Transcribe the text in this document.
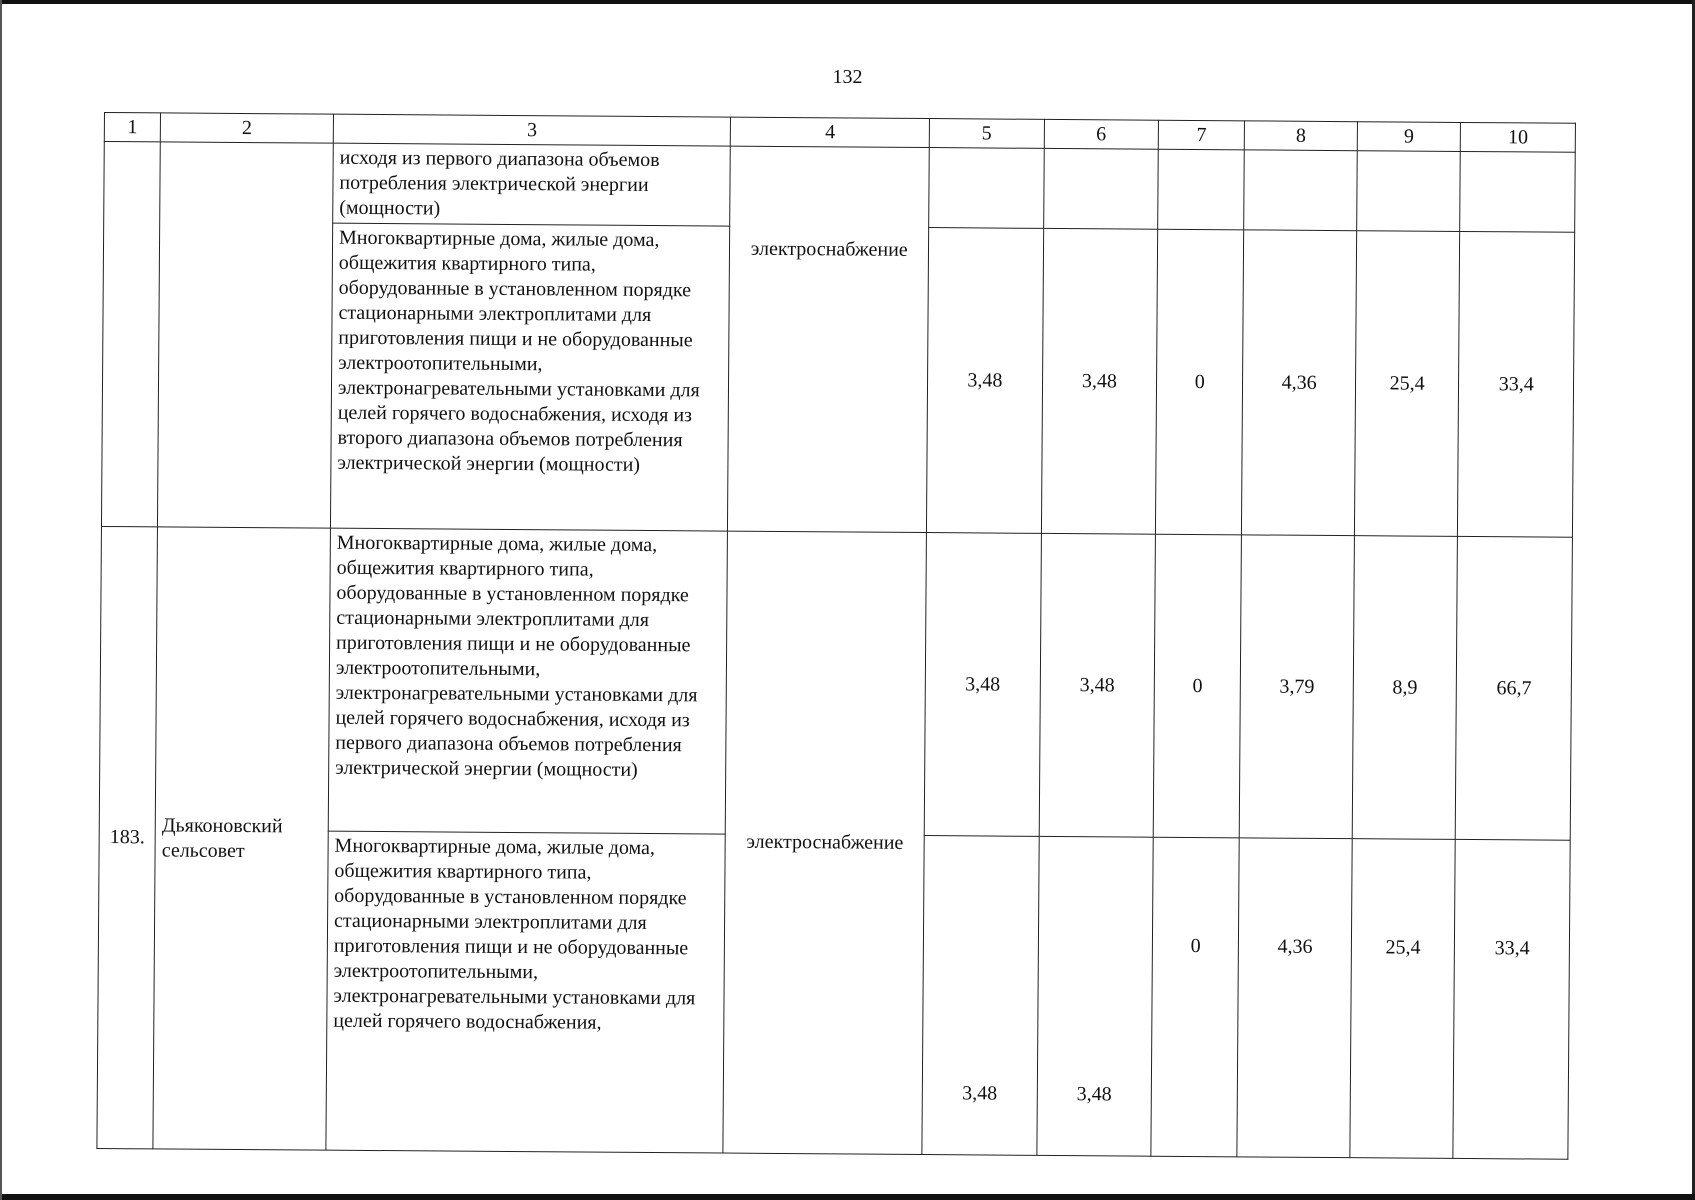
132
1	2	3	4	5	6	7	8	9	10
		исходя из первого диапазона объемов потребления электрической энергии (мощности)	электроснабжение						
		Многоквартирные дома, жилые дома, общежития квартирного типа, оборудованные в установленном порядке стационарными электроплитами для приготовления пищи и не оборудованные электроотопительными, электронагревательными установками для целей горячего водоснабжения, исходя из второго диапазона объемов потребления электрической энергии (мощности)		3,48	3,48	0	4,36	25,4	33,4
183.	Дьяконовский сельсовет	Многоквартирные дома, жилые дома, общежития квартирного типа, оборудованные в установленном порядке стационарными электроплитами для приготовления пищи и не оборудованные электроотопительными, электронагревательными установками для целей горячего водоснабжения, исходя из первого диапазона объемов потребления электрической энергии (мощности)	электроснабжение	3,48	3,48	0	3,79	8,9	66,7
		Многоквартирные дома, жилые дома, общежития квартирного типа, оборудованные в установленном порядке стационарными электроплитами для приготовления пищи и не оборудованные электроотопительными, электронагревательными установками для целей горячего водоснабжения,		3,48	3,48	0	4,36	25,4	33,4
